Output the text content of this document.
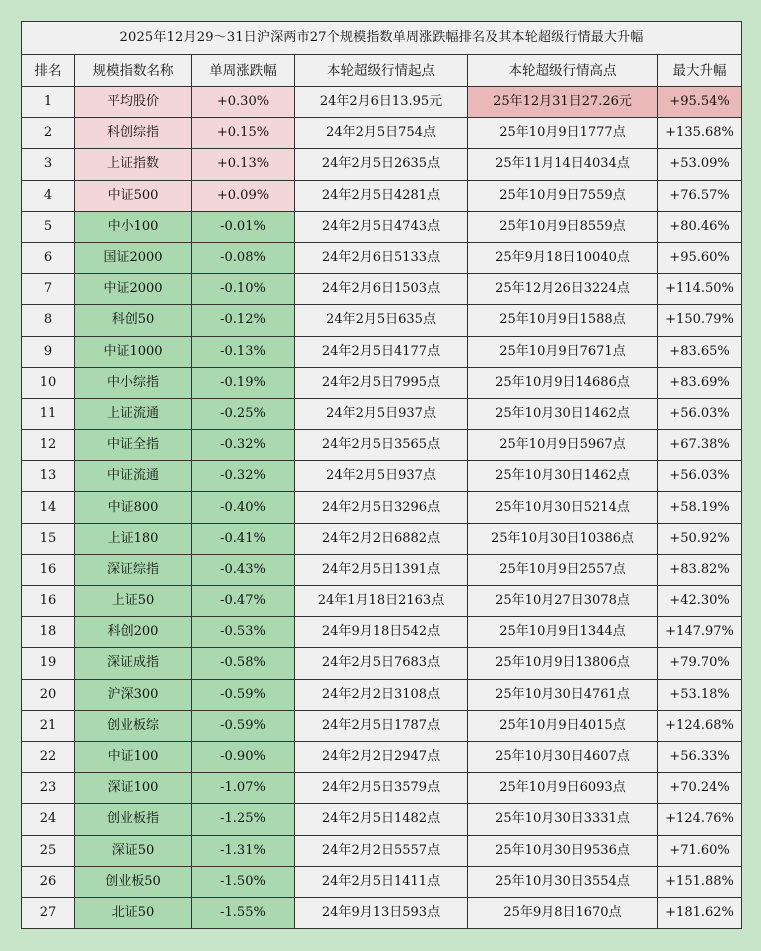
2025年12月29～31日沪深两市27个规模指数单周涨跌幅排名及其本轮超级行情最大升幅					
排名	规模指数名称	单周涨跌幅	本轮超级行情起点	本轮超级行情高点	最大升幅
1	平均股价	+0.30%	24年2月6日13.95元	25年12月31日27.26元	+95.54%
2	科创综指	+0.15%	24年2月5日754点	25年10月9日1777点	+135.68%
3	上证指数	+0.13%	24年2月5日2635点	25年11月14日4034点	+53.09%
4	中证500	+0.09%	24年2月5日4281点	25年10月9日7559点	+76.57%
5	中小100	-0.01%	24年2月5日4743点	25年10月9日8559点	+80.46%
6	国证2000	-0.08%	24年2月6日5133点	25年9月18日10040点	+95.60%
7	中证2000	-0.10%	24年2月6日1503点	25年12月26日3224点	+114.50%
8	科创50	-0.12%	24年2月5日635点	25年10月9日1588点	+150.79%
9	中证1000	-0.13%	24年2月5日4177点	25年10月9日7671点	+83.65%
10	中小综指	-0.19%	24年2月5日7995点	25年10月9日14686点	+83.69%
11	上证流通	-0.25%	24年2月5日937点	25年10月30日1462点	+56.03%
12	中证全指	-0.32%	24年2月5日3565点	25年10月9日5967点	+67.38%
13	中证流通	-0.32%	24年2月5日937点	25年10月30日1462点	+56.03%
14	中证800	-0.40%	24年2月5日3296点	25年10月30日5214点	+58.19%
15	上证180	-0.41%	24年2月2日6882点	25年10月30日10386点	+50.92%
16	深证综指	-0.43%	24年2月5日1391点	25年10月9日2557点	+83.82%
16	上证50	-0.47%	24年1月18日2163点	25年10月27日3078点	+42.30%
18	科创200	-0.53%	24年9月18日542点	25年10月9日1344点	+147.97%
19	深证成指	-0.58%	24年2月5日7683点	25年10月9日13806点	+79.70%
20	沪深300	-0.59%	24年2月2日3108点	25年10月30日4761点	+53.18%
21	创业板综	-0.59%	24年2月5日1787点	25年10月9日4015点	+124.68%
22	中证100	-0.90%	24年2月2日2947点	25年10月30日4607点	+56.33%
23	深证100	-1.07%	24年2月5日3579点	25年10月9日6093点	+70.24%
24	创业板指	-1.25%	24年2月5日1482点	25年10月30日3331点	+124.76%
25	深证50	-1.31%	24年2月2日5557点	25年10月30日9536点	+71.60%
26	创业板50	-1.50%	24年2月5日1411点	25年10月30日3554点	+151.88%
27	北证50	-1.55%	24年9月13日593点	25年9月8日1670点	+181.62%
